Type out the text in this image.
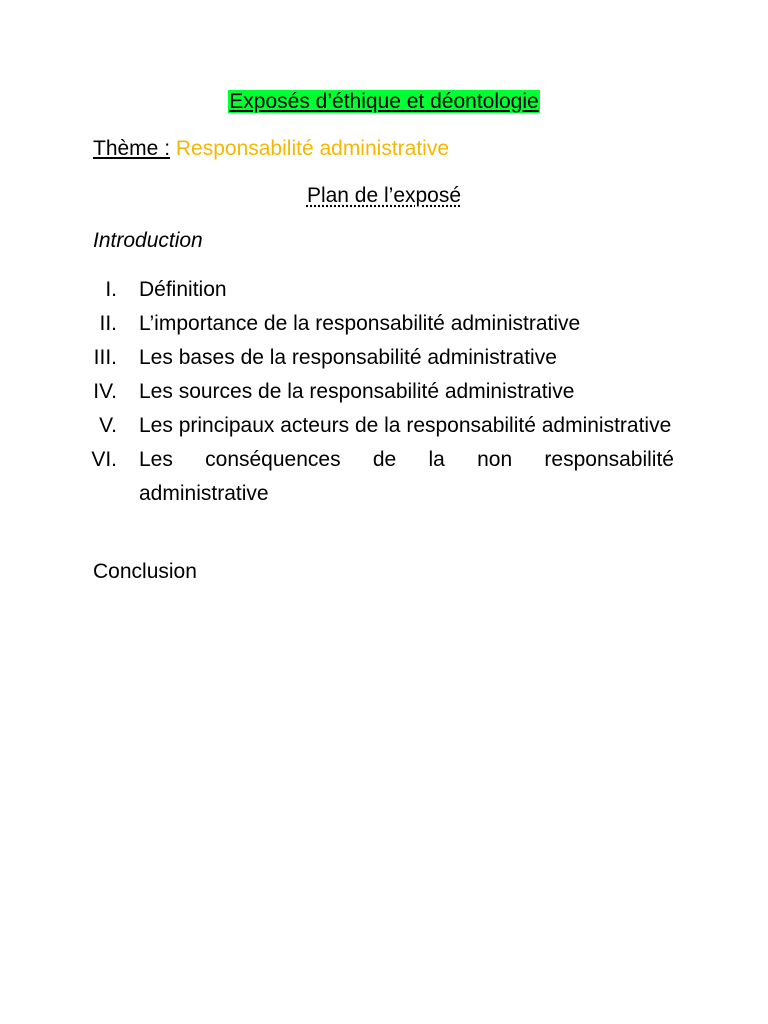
Exposés d’éthique et déontologie
Thème : Responsabilité administrative
Plan de l’exposé
Introduction
I. Définition
II. L’importance de la responsabilité administrative
III. Les bases de la responsabilité administrative
IV. Les sources de la responsabilité administrative
V. Les principaux acteurs de la responsabilité administrative
VI. Les conséquences de la non responsabilité administrative
Conclusion
